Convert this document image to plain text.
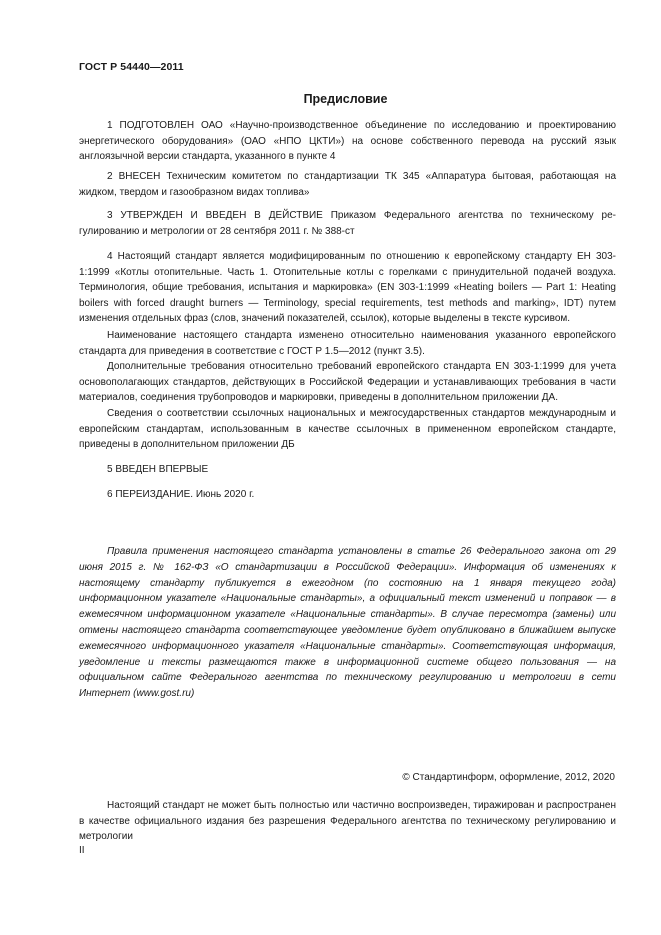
ГОСТ Р 54440—2011
Предисловие

1 ПОДГОТОВЛЕН ОАО «Научно-производственное объединение по исследованию и проектированию энергетического оборудования» (ОАО «НПО ЦКТИ») на основе собственного перевода на русский язык англоязычной версии стандарта, указанного в пункте 4

2 ВНЕСЕН Техническим комитетом по стандартизации ТК 345 «Аппаратура бытовая, работающая на жидком, твердом и газообразном видах топлива»

3 УТВЕРЖДЕН И ВВЕДЕН В ДЕЙСТВИЕ Приказом Федерального агентства по техническому регулированию и метрологии от 28 сентября 2011 г. № 388-ст

4 Настоящий стандарт является модифицированным по отношению к европейскому стандарту ЕН 303-1:1999 «Котлы отопительные. Часть 1. Отопительные котлы с горелками с принудительной подачей воздуха. Терминология, общие требования, испытания и маркировка» (EN 303-1:1999 «Heating boilers — Part 1: Heating boilers with forced draught burners — Terminology, special requirements, test methods and marking», IDT) путем изменения отдельных фраз (слов, значений показателей, ссылок), которые выделены в тексте курсивом.

Наименование настоящего стандарта изменено относительно наименования указанного европейского стандарта для приведения в соответствие с ГОСТ Р 1.5—2012 (пункт 3.5).

Дополнительные требования относительно требований европейского стандарта EN 303-1:1999 для учета основополагающих стандартов, действующих в Российской Федерации и устанавливающих требования в части материалов, соединения трубопроводов и маркировки, приведены в дополнительном приложении ДА.

Сведения о соответствии ссылочных национальных и межгосударственных стандартов международным и европейским стандартам, использованным в качестве ссылочных в примененном европейском стандарте, приведены в дополнительном приложении ДБ

5 ВВЕДЕН ВПЕРВЫЕ

6 ПЕРЕИЗДАНИЕ. Июнь 2020 г.

Правила применения настоящего стандарта установлены в статье 26 Федерального закона от 29 июня 2015 г. № 162-ФЗ «О стандартизации в Российской Федерации». Информация об изменениях к настоящему стандарту публикуется в ежегодном (по состоянию на 1 января текущего года) информационном указателе «Национальные стандарты», а официальный текст изменений и поправок — в ежемесячном информационном указателе «Национальные стандарты». В случае пересмотра (замены) или отмены настоящего стандарта соответствующее уведомление будет опубликовано в ближайшем выпуске ежемесячного информационного указателя «Национальные стандарты». Соответствующая информация, уведомление и тексты размещаются также в информационной системе общего пользования — на официальном сайте Федерального агентства по техническому регулированию и метрологии в сети Интернет (www.gost.ru)

© Стандартинформ, оформление, 2012, 2020

Настоящий стандарт не может быть полностью или частично воспроизведен, тиражирован и распространен в качестве официального издания без разрешения Федерального агентства по техническому регулированию и метрологии

II
